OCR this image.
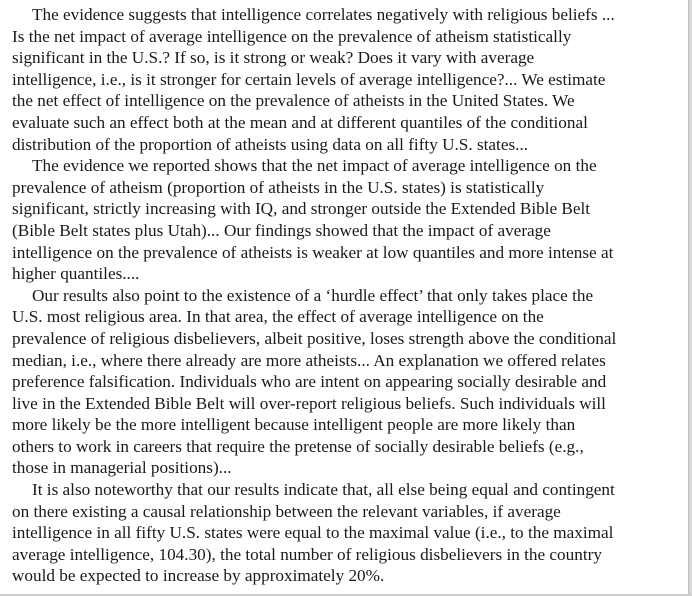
The evidence suggests that intelligence correlates negatively with religious beliefs ...
Is the net impact of average intelligence on the prevalence of atheism statistically
significant in the U.S.? If so, is it strong or weak? Does it vary with average
intelligence, i.e., is it stronger for certain levels of average intelligence?... We estimate
the net effect of intelligence on the prevalence of atheists in the United States. We
evaluate such an effect both at the mean and at different quantiles of the conditional
distribution of the proportion of atheists using data on all fifty U.S. states...

The evidence we reported shows that the net impact of average intelligence on the
prevalence of atheism (proportion of atheists in the U.S. states) is statistically
significant, strictly increasing with IQ, and stronger outside the Extended Bible Belt
(Bible Belt states plus Utah)... Our findings showed that the impact of average
intelligence on the prevalence of atheists is weaker at low quantiles and more intense at
higher quantiles....

Our results also point to the existence of a ‘hurdle effect’ that only takes place the
U.S. most religious area. In that area, the effect of average intelligence on the
prevalence of religious disbelievers, albeit positive, loses strength above the conditional
median, i.e., where there already are more atheists... An explanation we offered relates
preference falsification. Individuals who are intent on appearing socially desirable and
live in the Extended Bible Belt will over-report religious beliefs. Such individuals will
more likely be the more intelligent because intelligent people are more likely than
others to work in careers that require the pretense of socially desirable beliefs (e.g.,
those in managerial positions)...

It is also noteworthy that our results indicate that, all else being equal and contingent
on there existing a causal relationship between the relevant variables, if average
intelligence in all fifty U.S. states were equal to the maximal value (i.e., to the maximal
average intelligence, 104.30), the total number of religious disbelievers in the country
would be expected to increase by approximately 20%.
